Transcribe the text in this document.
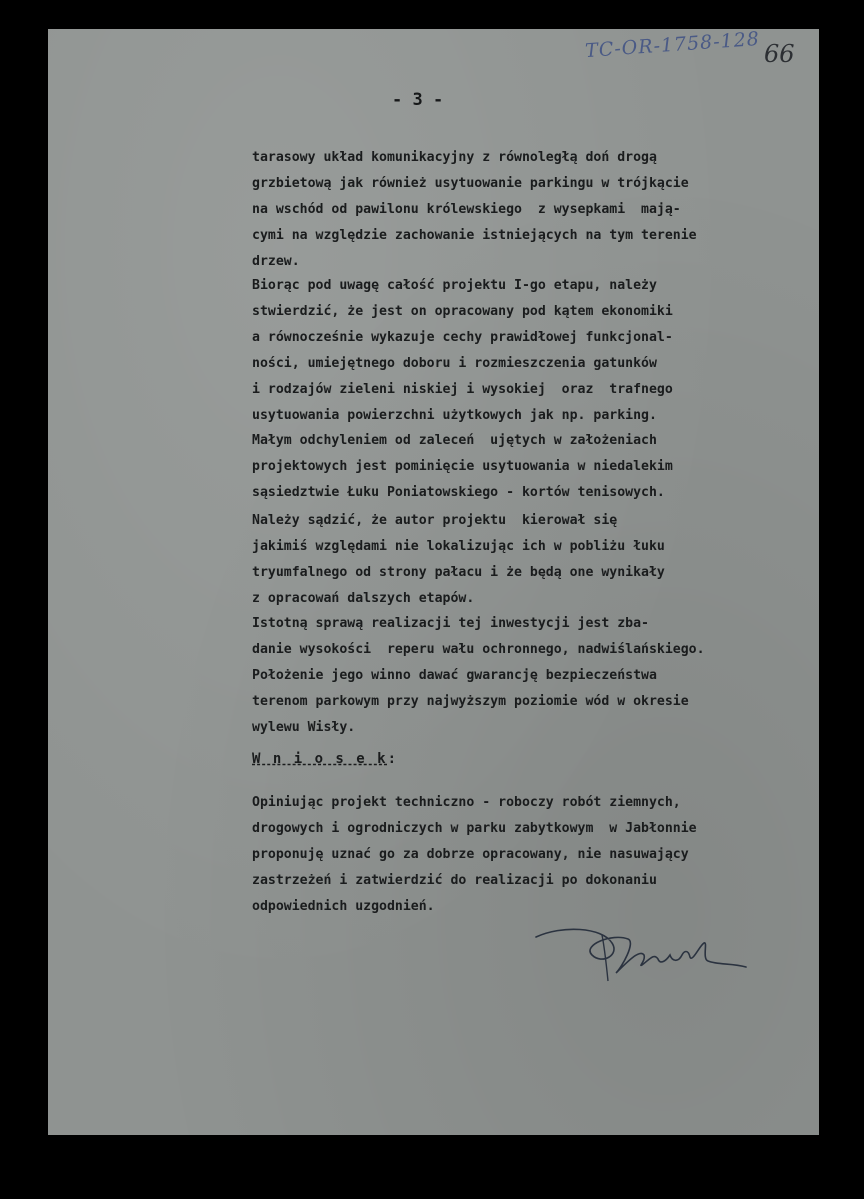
TC-OR-1758-128 66
- 3 -
tarasowy układ komunikacyjny z równoległą doń drogą
grzbietową jak również usytuowanie parkingu w trójkącie
na wschód od pawilonu królewskiego  z wysepkami  mają-
cymi na względzie zachowanie istniejących na tym terenie
drzew.
Biorąc pod uwagę całość projektu I-go etapu, należy
stwierdzić, że jest on opracowany pod kątem ekonomiki
a równocześnie wykazuje cechy prawidłowej funkcjonal-
ności, umiejętnego doboru i rozmieszczenia gatunków
i rodzajów zieleni niskiej i wysokiej  oraz  trafnego
usytuowania powierzchni użytkowych jak np. parking.
Małym odchyleniem od zaleceń  ujętych w założeniach
projektowych jest pominięcie usytuowania w niedalekim
sąsiedztwie Łuku Poniatowskiego - kortów tenisowych.
Należy sądzić, że autor projektu  kierował się
jakimiś względami nie lokalizując ich w pobliżu łuku
tryumfalnego od strony pałacu i że będą one wynikały
z opracowań dalszych etapów.
Istotną sprawą realizacji tej inwestycji jest zba-
danie wysokości  reperu wału ochronnego, nadwiślańskiego.
Położenie jego winno dawać gwarancję bezpieczeństwa
terenom parkowym przy najwyższym poziomie wód w okresie
wylewu Wisły.
W n i o s e k:
Opiniując projekt techniczno - roboczy robót ziemnych,
drogowych i ogrodniczych w parku zabytkowym  w Jabłonnie
proponuję uznać go za dobrze opracowany, nie nasuwający
zastrzeżeń i zatwierdzić do realizacji po dokonaniu
odpowiednich uzgodnień.
